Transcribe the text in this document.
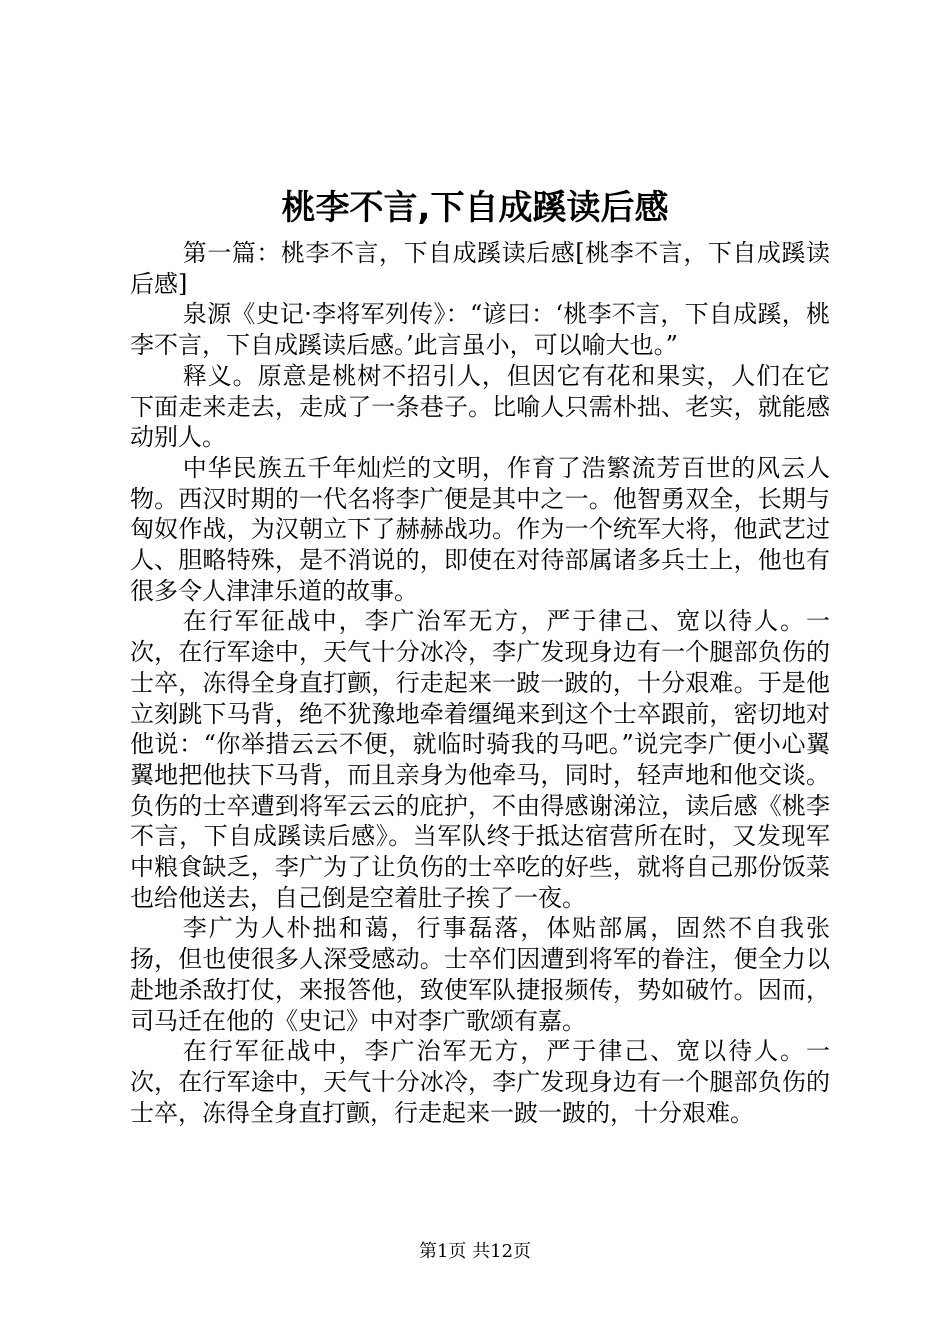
桃李不言,下自成蹊读后感

第一篇：桃李不言，下自成蹊读后感[桃李不言，下自成蹊读后感]

泉源《史记·李将军列传》：“谚曰：‘桃李不言，下自成蹊，桃李不言，下自成蹊读后感。’此言虽小，可以喻大也。”

释义。原意是桃树不招引人，但因它有花和果实，人们在它下面走来走去，走成了一条巷子。比喻人只需朴拙、老实，就能感动别人。

中华民族五千年灿烂的文明，作育了浩繁流芳百世的风云人物。西汉时期的一代名将李广便是其中之一。他智勇双全，长期与匈奴作战，为汉朝立下了赫赫战功。作为一个统军大将，他武艺过人、胆略特殊，是不消说的，即使在对待部属诸多兵士上，他也有很多令人津津乐道的故事。

在行军征战中，李广治军无方，严于律己、宽以待人。一次，在行军途中，天气十分冰冷，李广发现身边有一个腿部负伤的士卒，冻得全身直打颤，行走起来一跛一跛的，十分艰难。于是他立刻跳下马背，绝不犹豫地牵着缰绳来到这个士卒跟前，密切地对他说：“你举措云云不便，就临时骑我的马吧。”说完李广便小心翼翼地把他扶下马背，而且亲身为他牵马，同时，轻声地和他交谈。负伤的士卒遭到将军云云的庇护，不由得感谢涕泣，读后感《桃李不言，下自成蹊读后感》。当军队终于抵达宿营所在时，又发现军中粮食缺乏，李广为了让负伤的士卒吃的好些，就将自己那份饭菜也给他送去，自己倒是空着肚子挨了一夜。

李广为人朴拙和蔼，行事磊落，体贴部属，固然不自我张扬，但也使很多人深受感动。士卒们因遭到将军的眷注，便全力以赴地杀敌打仗，来报答他，致使军队捷报频传，势如破竹。因而，司马迁在他的《史记》中对李广歌颂有嘉。

在行军征战中，李广治军无方，严于律己、宽以待人。一次，在行军途中，天气十分冰冷，李广发现身边有一个腿部负伤的士卒，冻得全身直打颤，行走起来一跛一跛的，十分艰难。

第1页 共12页
